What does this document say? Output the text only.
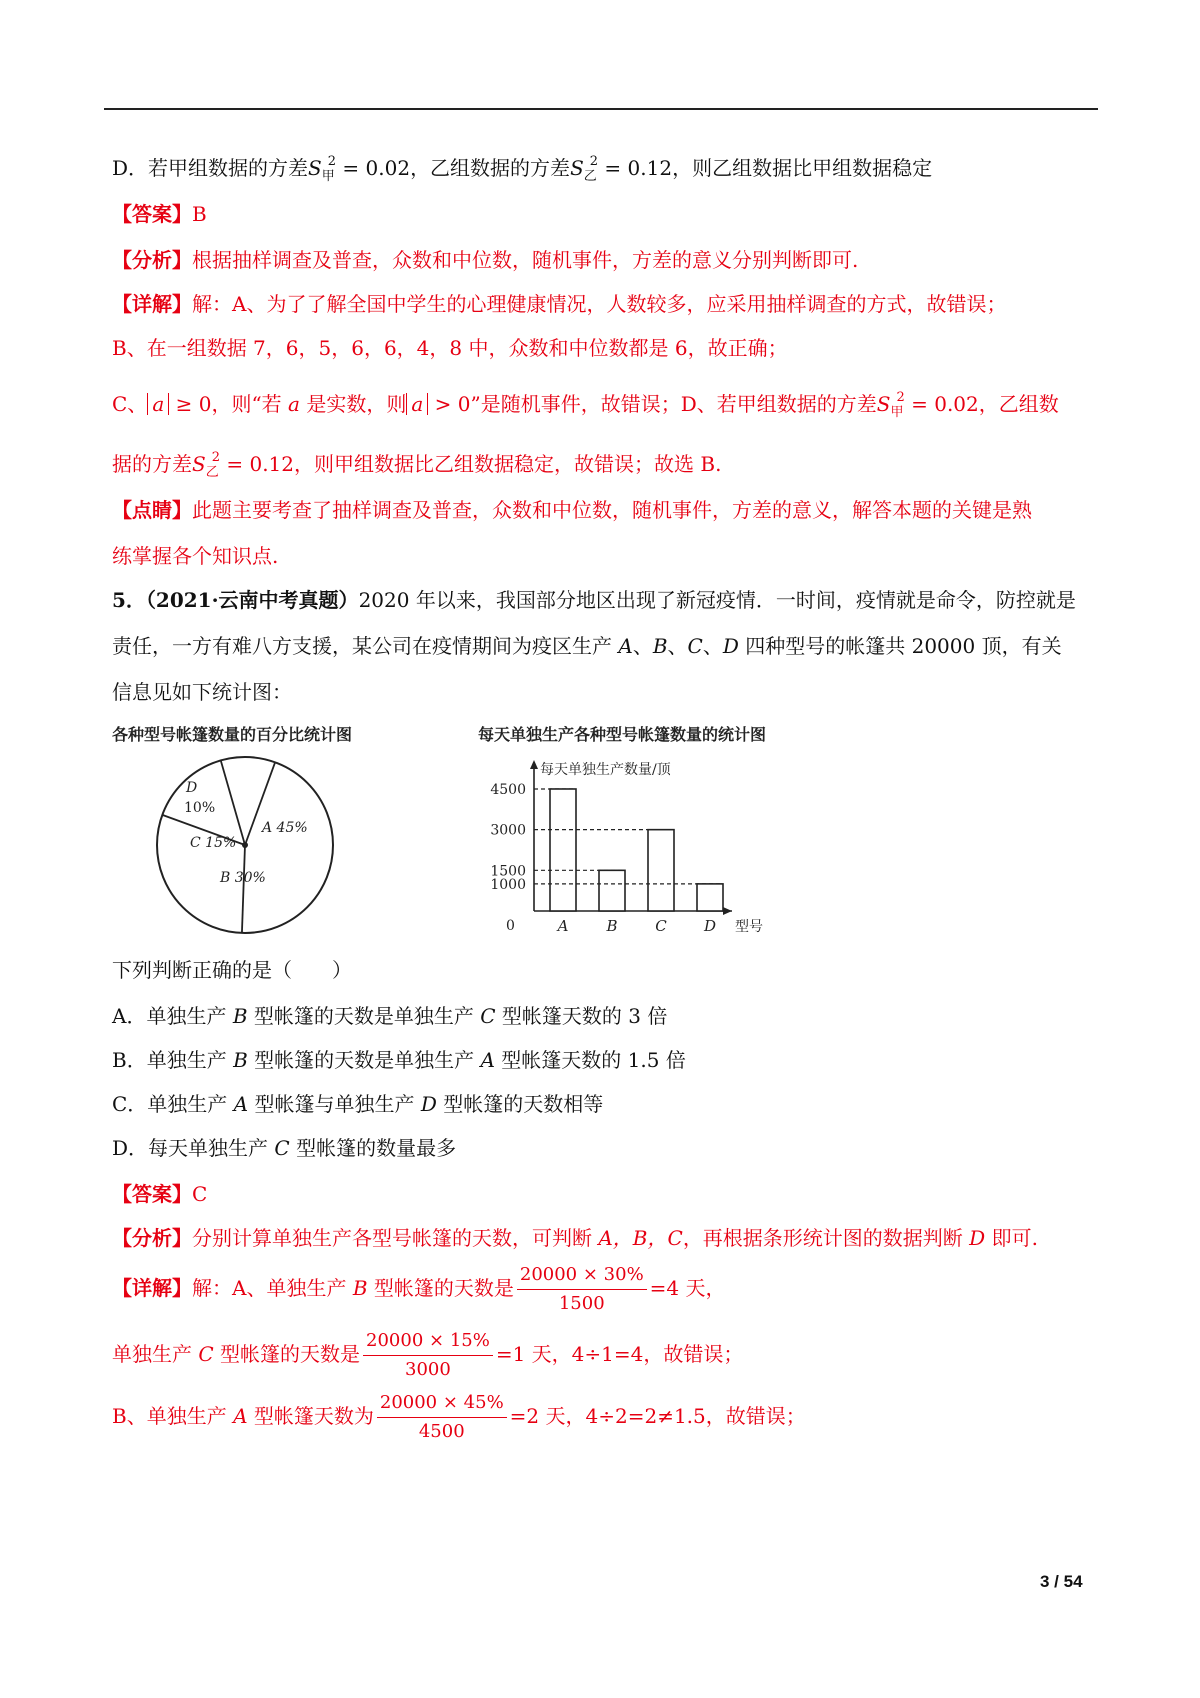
D．若甲组数据的方差$S_甲^2 = 0.02$，乙组数据的方差$S_乙^2 = 0.12$，则乙组数据比甲组数据稳定
【答案】B
【分析】根据抽样调查及普查，众数和中位数，随机事件，方差的意义分别判断即可.
【详解】解：A、为了了解全国中学生的心理健康情况，人数较多，应采用抽样调查的方式，故错误；
B、在一组数据 7，6，5，6，6，4，8 中，众数和中位数都是 6，故正确；
C、 a ≥ 0，则“若 a 是实数，则 a > 0”是随机事件，故错误；D、若甲组数据的方差$S_甲^2 = 0.02$，乙组数
据的方差$S_乙^2 = 0.12$，则甲组数据比乙组数据稳定，故错误；故选 B.
【点睛】此题主要考查了抽样调查及普查，众数和中位数，随机事件，方差的意义，解答本题的关键是熟
练掌握各个知识点.
5．（2021·云南中考真题）2020 年以来，我国部分地区出现了新冠疫情．一时间，疫情就是命令，防控就是
责任，一方有难八方支援，某公司在疫情期间为疫区生产 A、B、C、D 四种型号的帐篷共 20000 顶，有关
信息见如下统计图：
各种型号帐篷数量的百分比统计图
A 45%
B 30%
C 15%
D
10%
每天单独生产各种型号帐篷数量的统计图
每天单独生产数量/顶
型号
0
1000
1500
3000
4500
A	B	C D
下列判断正确的是（　　）
A．单独生产 B 型帐篷的天数是单独生产 C 型帐篷天数的 3 倍
B．单独生产 B 型帐篷的天数是单独生产 A 型帐篷天数的 1.5 倍
C．单独生产 A 型帐篷与单独生产 D 型帐篷的天数相等
D．每天单独生产 C 型帐篷的数量最多
【答案】C
【分析】分别计算单独生产各型号帐篷的天数，可判断 A，B，C，再根据条形统计图的数据判断 D 即可.
【详解】解：A、单独生产 B 型帐篷的天数是 $\frac{20000 \times 30\%}{1500} =4$ 天，
单独生产 C 型帐篷的天数是 $\frac{20000 \times 15\%}{3000} =1$ 天，4÷1=4，故错误；
B、单独生产 A 型帐篷天数为 $\frac{20000 \times 45\%}{4500} =2$ 天，4÷2=2≠1.5，故错误；
3 / 54
